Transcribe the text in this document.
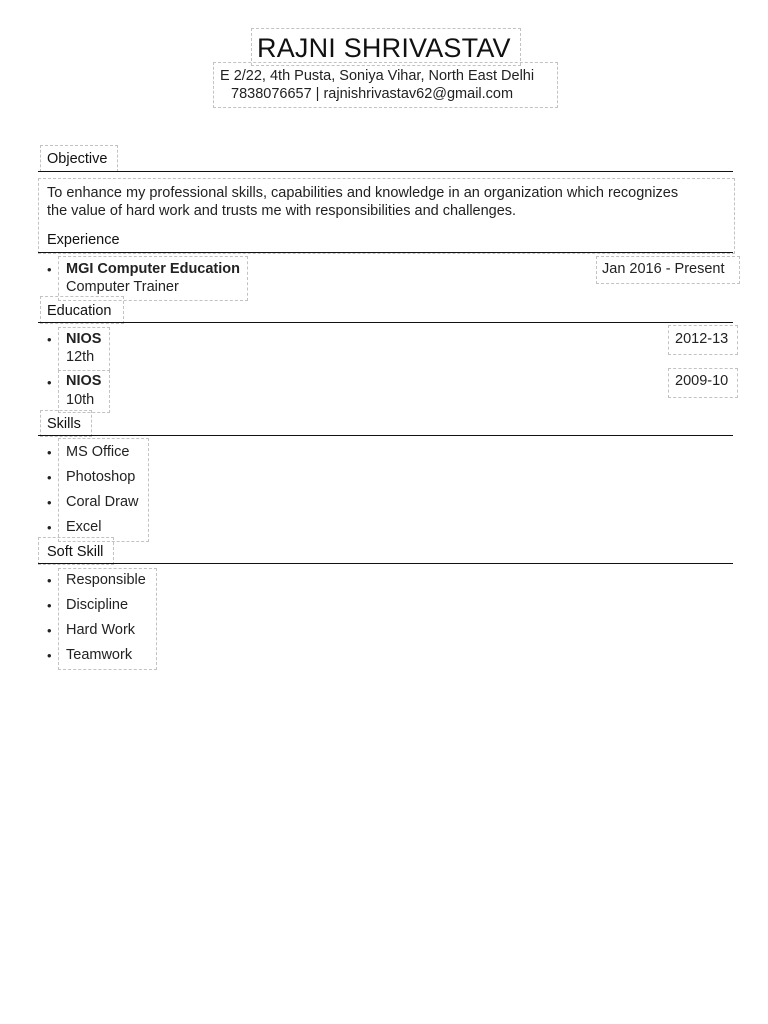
RAJNI SHRIVASTAV
E 2/22, 4th Pusta, Soniya Vihar, North East Delhi
7838076657 | rajnishrivastav62@gmail.com
Objective
To enhance my professional skills, capabilities and knowledge in an organization which recognizes
the value of hard work and trusts me with responsibilities and challenges.
Experience
• MGI Computer Education
Computer Trainer
Jan 2016 - Present
Education
• NIOS
12th
2012-13
• NIOS
10th
2009-10
Skills
• MS Office
• Photoshop
• Coral Draw
• Excel
Soft Skill
• Responsible
• Discipline
• Hard Work
• Teamwork
